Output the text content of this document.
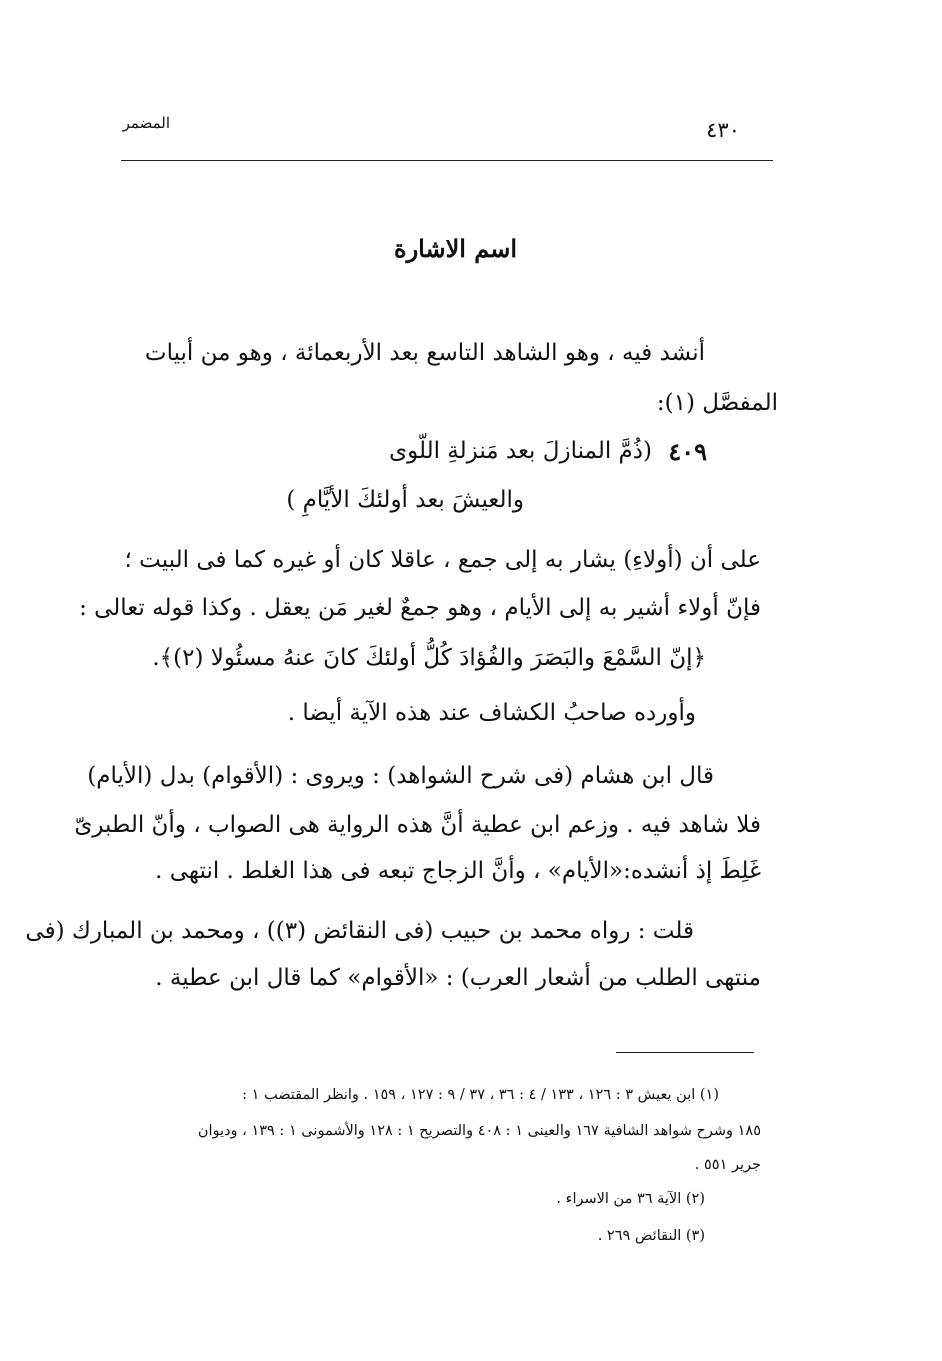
المضمر	٤٣٠
اسم الاشارة
أنشد فيه ، وهو الشاهد التاسع بعد الأربعمائة ، وهو من أبيات
المفصَّل (١):
٤٠٩
(ذُمَّ المنازلَ بعد مَنزلةِ اللّوى
والعيشَ بعد أولئكَ الأيَّامِ )
على أن (أولاءِ) يشار به إلى جمع ، عاقلا كان أو غيره كما فى البيت ؛
فإنّ أولاء أشير به إلى الأيام ، وهو جمعٌ لغير مَن يعقل . وكذا قوله تعالى :
﴿إنّ السَّمْعَ والبَصَرَ والفُؤادَ كُلُّ أولئكَ كانَ عنهُ مسئُولا (٢)﴾.
وأورده صاحبُ الكشاف عند هذه الآية أيضا .
قال ابن هشام (فى شرح الشواهد) : ويروى : (الأقوام) بدل (الأيام)
فلا شاهد فيه . وزعم ابن عطية أنَّ هذه الرواية هى الصواب ، وأنّ الطبرىّ
غَلِطَ إذ أنشده:«الأيام» ، وأنَّ الزجاج تبعه فى هذا الغلط . انتهى .
قلت : رواه محمد بن حبيب (فى النقائض (٣)) ، ومحمد بن المبارك (فى
منتهى الطلب من أشعار العرب) : «الأقوام» كما قال ابن عطية .
(١) ابن يعيش ٣ : ١٢٦ ، ١٣٣ / ٤ : ٣٦ ، ٣٧ / ٩ : ١٢٧ ، ١٥٩ . وانظر المقتضب ١ :
١٨٥ وشرح شواهد الشافية ١٦٧ والعينى ١ : ٤٠٨ والتصريح ١ : ١٢٨ والأشمونى ١ : ١٣٩ ، وديوان
جرير ٥٥١ .
(٢) الآية ٣٦ من الاسراء .
(٣) النقائض ٢٦٩ .
